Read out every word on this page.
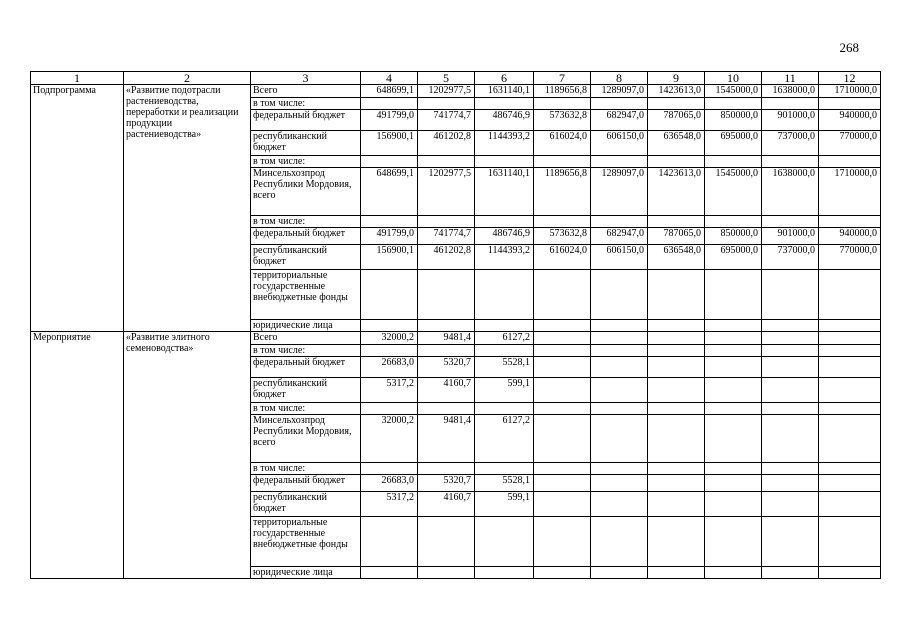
268
1	2	3	4	5	6	7	8	9	10	11	12
Подпрограмма	«Развитие подотрасли растениеводства, переработки и реализации продукции растениеводства»	Всего	648699,1	1202977,5	1631140,1	1189656,8	1289097,0	1423613,0	1545000,0	1638000,0	1710000,0
		в том числе:									
		федеральный бюджет	491799,0	741774,7	486746,9	573632,8	682947,0	787065,0	850000,0	901000,0	940000,0
		республиканский бюджет	156900,1	461202,8	1144393,2	616024,0	606150,0	636548,0	695000,0	737000,0	770000,0
		в том числе:									
		Минсельхозпрод Республики Мордовия, всего	648699,1	1202977,5	1631140,1	1189656,8	1289097,0	1423613,0	1545000,0	1638000,0	1710000,0
		в том числе:									
		федеральный бюджет	491799,0	741774,7	486746,9	573632,8	682947,0	787065,0	850000,0	901000,0	940000,0
		республиканский бюджет	156900,1	461202,8	1144393,2	616024,0	606150,0	636548,0	695000,0	737000,0	770000,0
		территориальные государственные внебюджетные фонды									
		юридические лица									
Мероприятие	«Развитие элитного семеноводства»	Всего	32000,2	9481,4	6127,2						
		в том числе:									
		федеральный бюджет	26683,0	5320,7	5528,1						
		республиканский бюджет	5317,2	4160,7	599,1						
		в том числе:									
		Минсельхозпрод Республики Мордовия, всего	32000,2	9481,4	6127,2						
		в том числе:									
		федеральный бюджет	26683,0	5320,7	5528,1						
		республиканский бюджет	5317,2	4160,7	599,1						
		территориальные государственные внебюджетные фонды									
		юридические лица									
